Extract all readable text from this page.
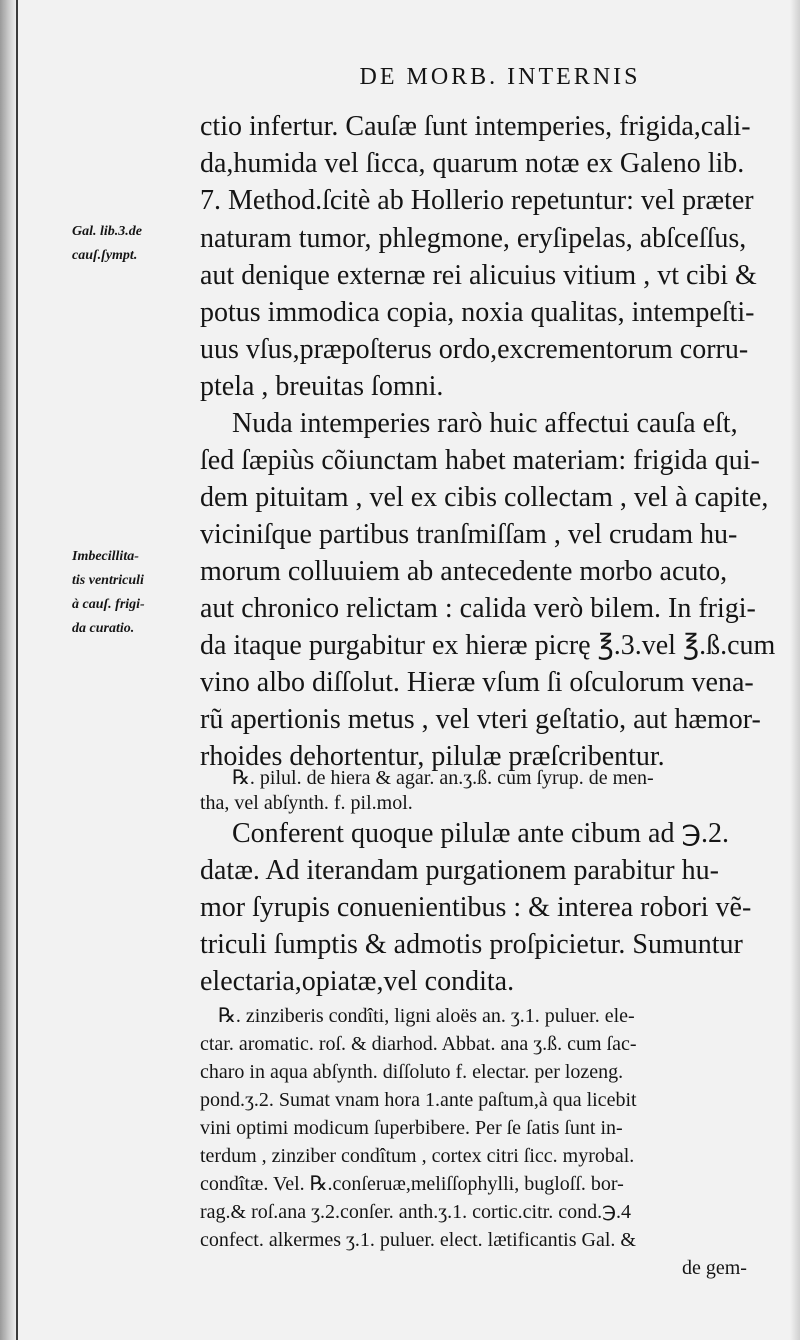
DE MORB. INTERNIS
Gal. lib.3.de
cauſ.ſympt.
Imbecillita-
tis ventriculi
à cauſ. frigi-
da curatio.
ctio infertur. Cauſæ ſunt intemperies, frigida,cali-
da,humida vel ſicca, quarum notæ ex Galeno lib.
7. Method.ſcitè ab Hollerio repetuntur: vel præter
naturam tumor, phlegmone, eryſipelas, abſceſſus,
aut denique externæ rei alicuius vitium , vt cibi &
potus immodica copia, noxia qualitas, intempeſti-
uus vſus,præpoſterus ordo,excrementorum corru-
ptela , breuitas ſomni.
Nuda intemperies rarò huic affectui cauſa eſt,
ſed ſæpiùs cõiunctam habet materiam: frigida qui-
dem pituitam , vel ex cibis collectam , vel à capite,
viciniſque partibus tranſmiſſam , vel crudam hu-
morum colluuiem ab antecedente morbo acuto,
aut chronico relictam : calida verò bilem. In frigi-
da itaque purgabitur ex hieræ picrę ℥.3.vel ℥.ß.cum
vino albo diſſolut. Hieræ vſum ſi oſculorum vena-
rũ apertionis metus , vel vteri geſtatio, aut hæmor-
rhoides dehortentur, pilulæ præſcribentur.
℞. pilul. de hiera & agar. an.ʒ.ß. cum ſyrup. de men-
tha, vel abſynth. f. pil.mol.
Conferent quoque pilulæ ante cibum ad ℈.2.
datæ. Ad iterandam purgationem parabitur hu-
mor ſyrupis conuenientibus : & interea robori vẽ-
triculi ſumptis & admotis proſpicietur. Sumuntur
electaria,opiatæ,vel condita.
℞. zinziberis condîti, ligni aloës an. ʒ.1. puluer. ele-
ctar. aromatic. roſ. & diarhod. Abbat. ana ʒ.ß. cum ſac-
charo in aqua abſynth. diſſoluto f. electar. per lozeng.
pond.ʒ.2. Sumat vnam hora 1.ante paſtum,à qua licebit
vini optimi modicum ſuperbibere. Per ſe ſatis ſunt in-
terdum , zinziber condîtum , cortex citri ſicc. myrobal.
condîtæ. Vel. ℞.conſeruæ,meliſſophylli, bugloſſ. bor-
rag.& roſ.ana ʒ.2.conſer. anth.ʒ.1. cortic.citr. cond.℈.4
confect. alkermes ʒ.1. puluer. elect. lætificantis Gal. &
de gem-
